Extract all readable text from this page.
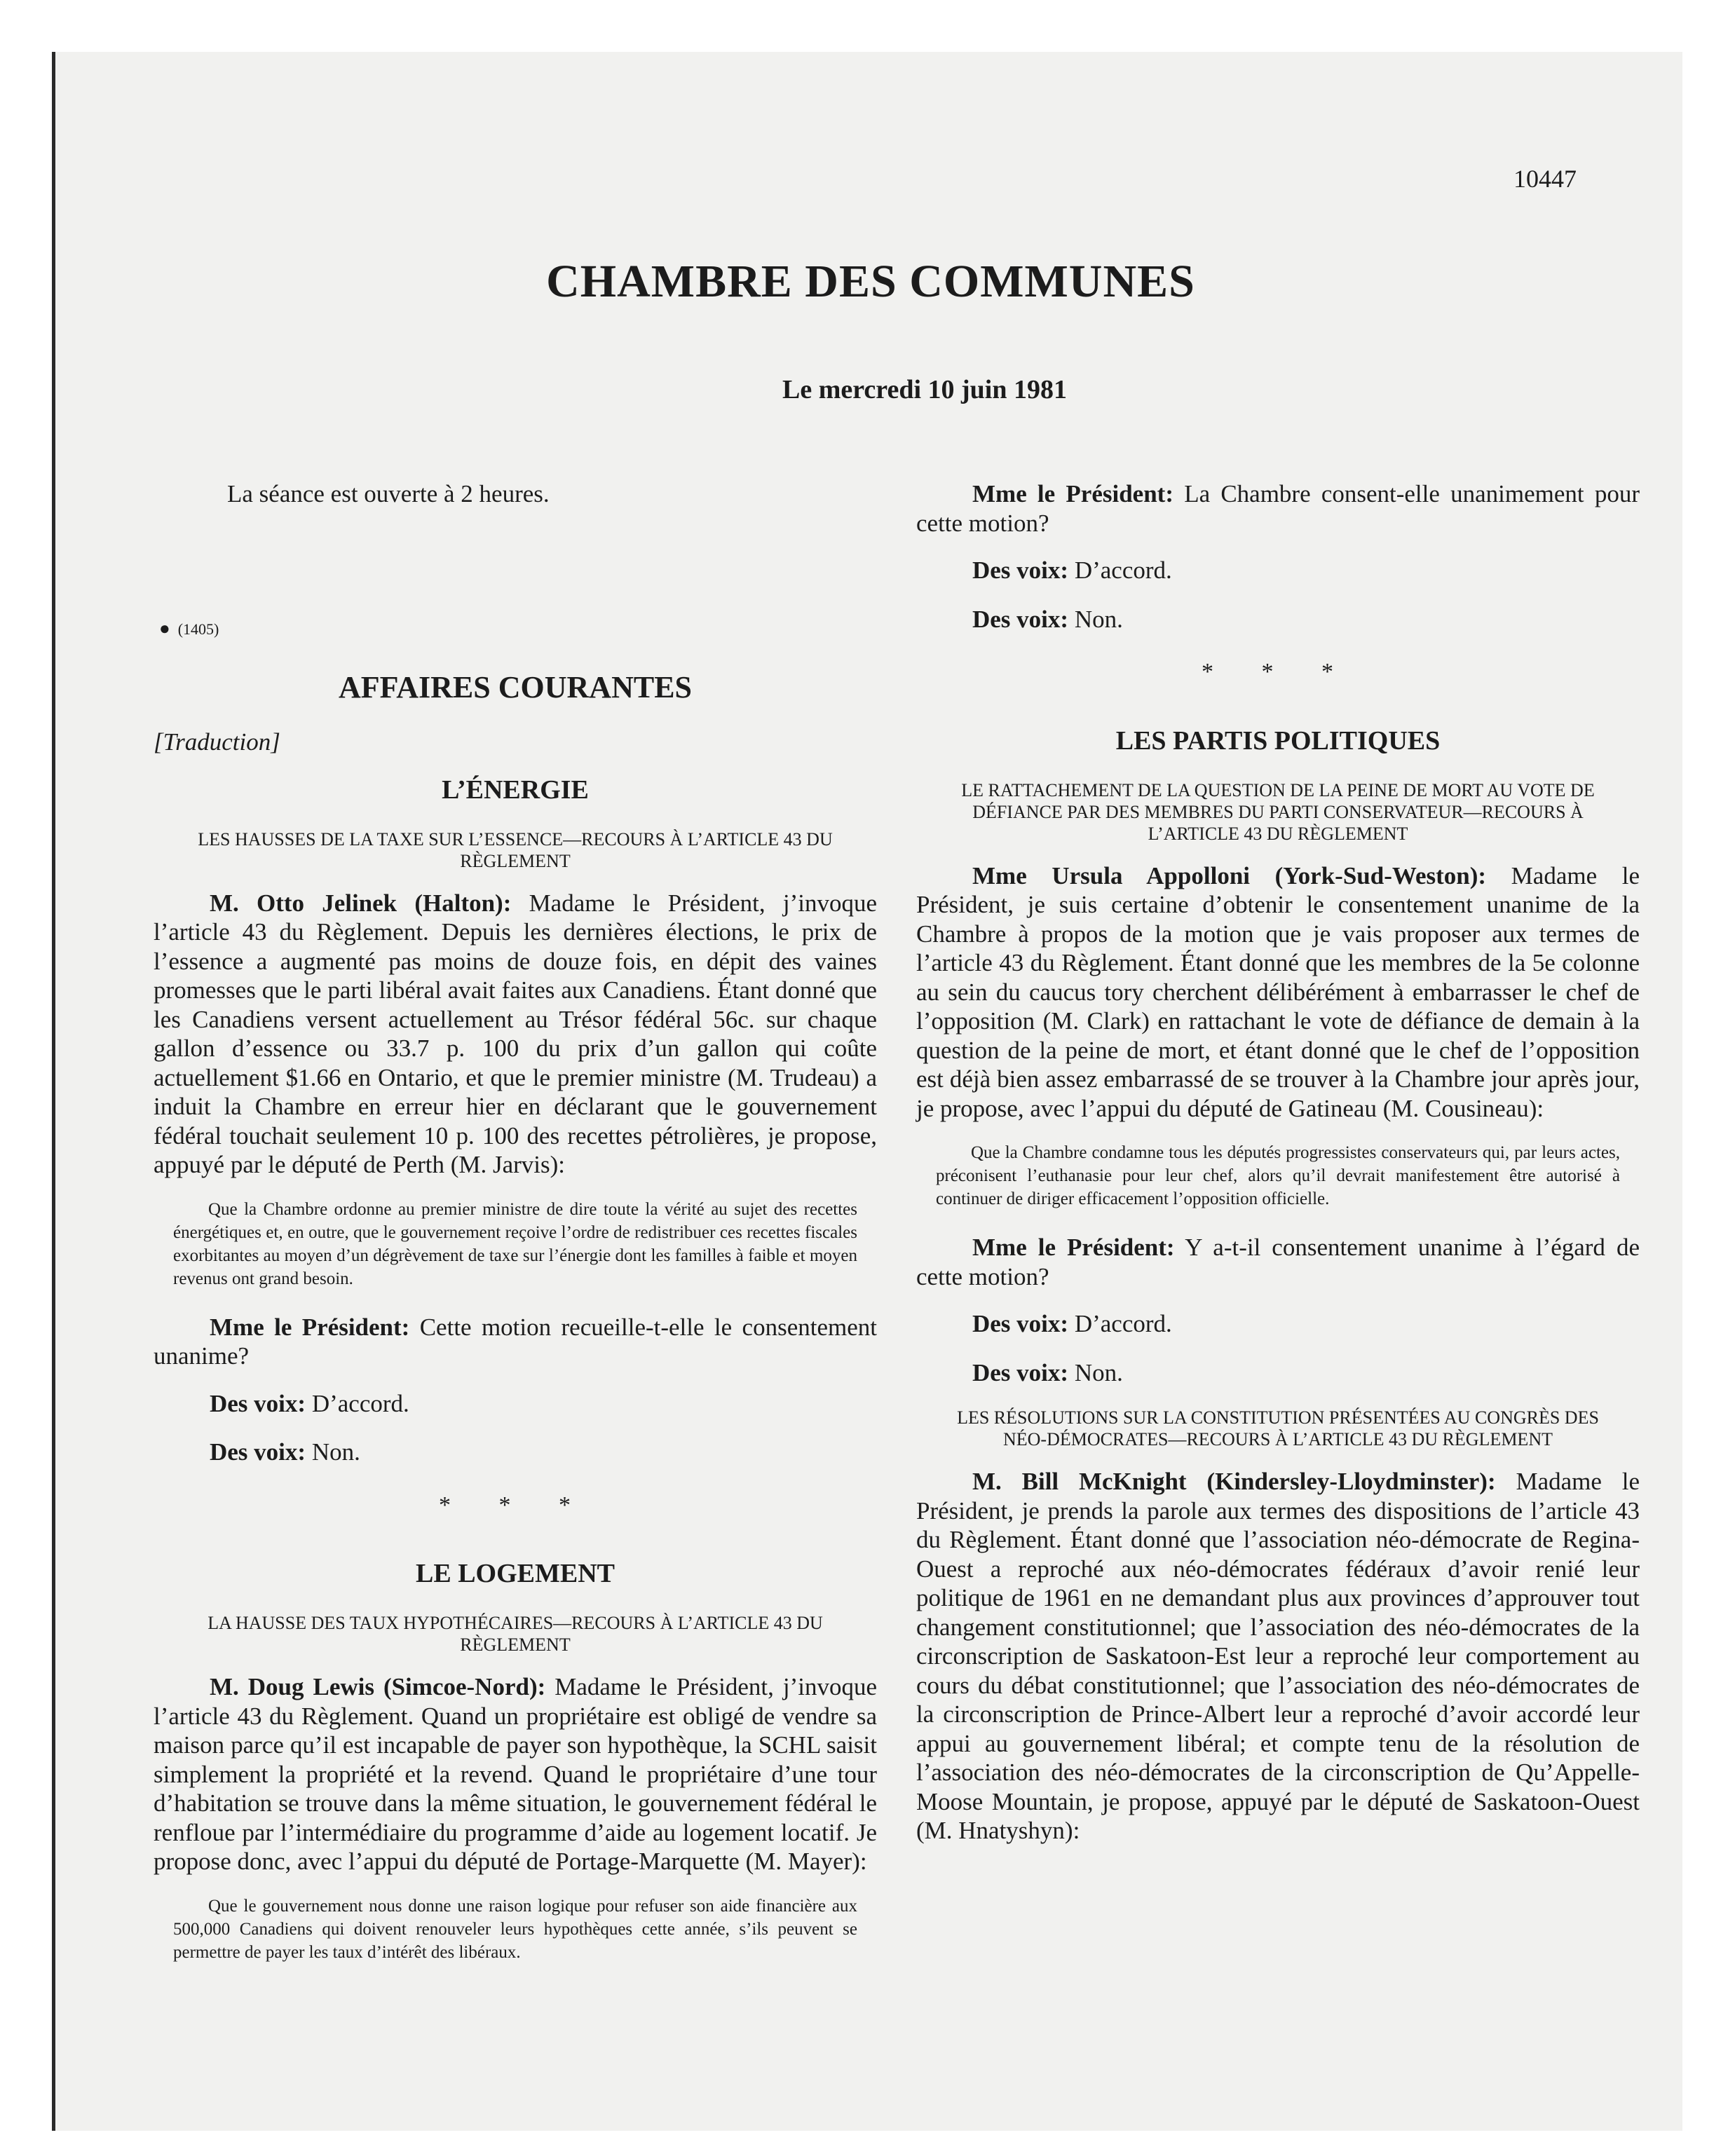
10447
CHAMBRE DES COMMUNES
Le mercredi 10 juin 1981

La séance est ouverte à 2 heures.

● (1405)

AFFAIRES COURANTES

[Traduction]

L’ÉNERGIE

LES HAUSSES DE LA TAXE SUR L’ESSENCE—RECOURS À L’ARTICLE 43 DU RÈGLEMENT

M. Otto Jelinek (Halton): Madame le Président, j’invoque l’article 43 du Règlement. Depuis les dernières élections, le prix de l’essence a augmenté pas moins de douze fois, en dépit des vaines promesses que le parti libéral avait faites aux Canadiens. Étant donné que les Canadiens versent actuellement au Trésor fédéral 56c. sur chaque gallon d’essence ou 33.7 p. 100 du prix d’un gallon qui coûte actuellement $1.66 en Ontario, et que le premier ministre (M. Trudeau) a induit la Chambre en erreur hier en déclarant que le gouvernement fédéral touchait seulement 10 p. 100 des recettes pétrolières, je propose, appuyé par le député de Perth (M. Jarvis):

Que la Chambre ordonne au premier ministre de dire toute la vérité au sujet des recettes énergétiques et, en outre, que le gouvernement reçoive l’ordre de redistribuer ces recettes fiscales exorbitantes au moyen d’un dégrèvement de taxe sur l’énergie dont les familles à faible et moyen revenus ont grand besoin.

Mme le Président: Cette motion recueille-t-elle le consentement unanime?

Des voix: D’accord.

Des voix: Non.

* * *

LE LOGEMENT

LA HAUSSE DES TAUX HYPOTHÉCAIRES—RECOURS À L’ARTICLE 43 DU RÈGLEMENT

M. Doug Lewis (Simcoe-Nord): Madame le Président, j’invoque l’article 43 du Règlement. Quand un propriétaire est obligé de vendre sa maison parce qu’il est incapable de payer son hypothèque, la SCHL saisit simplement la propriété et la revend. Quand le propriétaire d’une tour d’habitation se trouve dans la même situation, le gouvernement fédéral le renfloue par l’intermédiaire du programme d’aide au logement locatif. Je propose donc, avec l’appui du député de Portage-Marquette (M. Mayer):

Que le gouvernement nous donne une raison logique pour refuser son aide financière aux 500,000 Canadiens qui doivent renouveler leurs hypothèques cette année, s’ils peuvent se permettre de payer les taux d’intérêt des libéraux.

Mme le Président: La Chambre consent-elle unanimement pour cette motion?

Des voix: D’accord.

Des voix: Non.

* * *

LES PARTIS POLITIQUES

LE RATTACHEMENT DE LA QUESTION DE LA PEINE DE MORT AU VOTE DE DÉFIANCE PAR DES MEMBRES DU PARTI CONSERVATEUR—RECOURS À L’ARTICLE 43 DU RÈGLEMENT

Mme Ursula Appolloni (York-Sud-Weston): Madame le Président, je suis certaine d’obtenir le consentement unanime de la Chambre à propos de la motion que je vais proposer aux termes de l’article 43 du Règlement. Étant donné que les membres de la 5e colonne au sein du caucus tory cherchent délibérément à embarrasser le chef de l’opposition (M. Clark) en rattachant le vote de défiance de demain à la question de la peine de mort, et étant donné que le chef de l’opposition est déjà bien assez embarrassé de se trouver à la Chambre jour après jour, je propose, avec l’appui du député de Gatineau (M. Cousineau):

Que la Chambre condamne tous les députés progressistes conservateurs qui, par leurs actes, préconisent l’euthanasie pour leur chef, alors qu’il devrait manifestement être autorisé à continuer de diriger efficacement l’opposition officielle.

Mme le Président: Y a-t-il consentement unanime à l’égard de cette motion?

Des voix: D’accord.

Des voix: Non.

LES RÉSOLUTIONS SUR LA CONSTITUTION PRÉSENTÉES AU CONGRÈS DES NÉO-DÉMOCRATES—RECOURS À L’ARTICLE 43 DU RÈGLEMENT

M. Bill McKnight (Kindersley-Lloydminster): Madame le Président, je prends la parole aux termes des dispositions de l’article 43 du Règlement. Étant donné que l’association néo-démocrate de Regina-Ouest a reproché aux néo-démocrates fédéraux d’avoir renié leur politique de 1961 en ne demandant plus aux provinces d’approuver tout changement constitutionnel; que l’association des néo-démocrates de la circonscription de Saskatoon-Est leur a reproché leur comportement au cours du débat constitutionnel; que l’association des néo-démocrates de la circonscription de Prince-Albert leur a reproché d’avoir accordé leur appui au gouvernement libéral; et compte tenu de la résolution de l’association des néo-démocrates de la circonscription de Qu’Appelle-Moose Mountain, je propose, appuyé par le député de Saskatoon-Ouest (M. Hnatyshyn):
